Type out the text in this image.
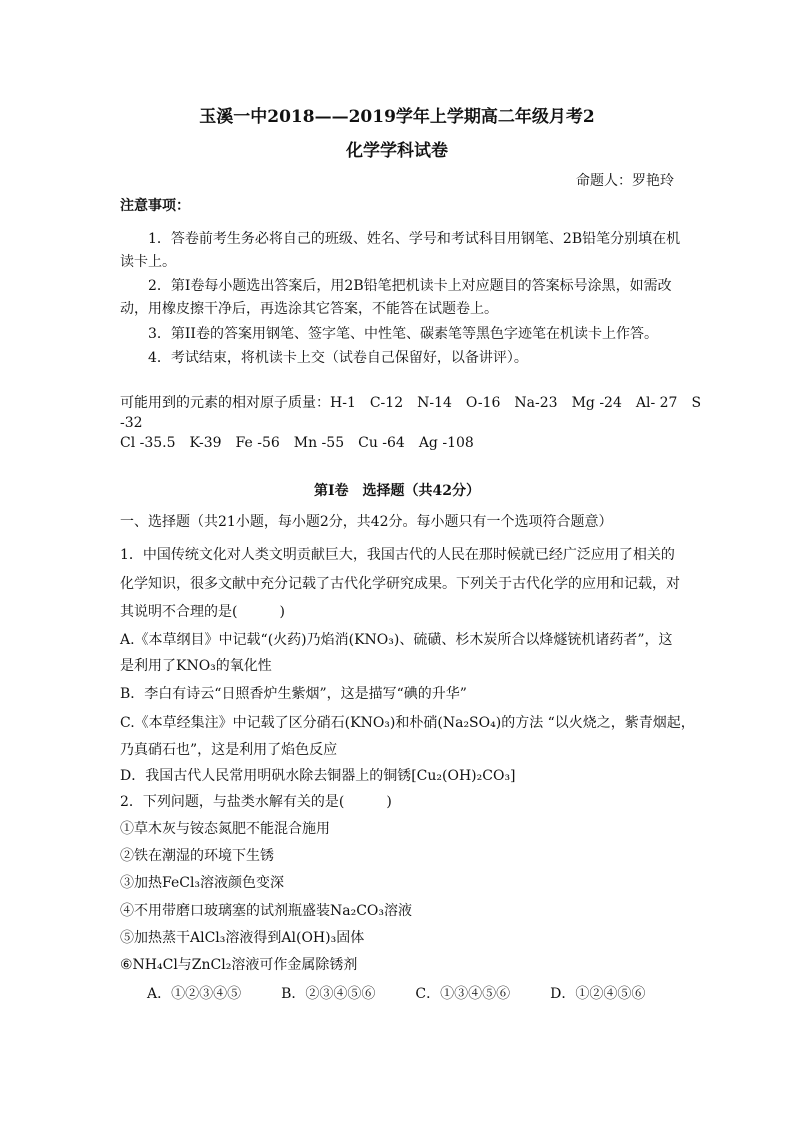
玉溪一中2018——2019学年上学期高二年级月考2
化学学科试卷
命题人：罗艳玲
注意事项：
1．答卷前考生务必将自己的班级、姓名、学号和考试科目用钢笔、2B铅笔分别填在机
读卡上。
2．第Ⅰ卷每小题选出答案后，用2B铅笔把机读卡上对应题目的答案标号涂黑，如需改
动，用橡皮擦干净后，再选涂其它答案，不能答在试题卷上。
3．第II卷的答案用钢笔、签字笔、中性笔、碳素笔等黑色字迹笔在机读卡上作答。
4．考试结束，将机读卡上交（试卷自己保留好，以备讲评）。
可能用到的元素的相对原子质量：H-1　C-12　N-14　O-16　Na-23　Mg -24　Al- 27　S
-32
Cl -35.5　K-39　Fe -56　Mn -55　Cu -64　Ag -108
第Ⅰ卷　选择题（共42分）
一、选择题（共21小题，每小题2分，共42分。每小题只有一个选项符合题意）
1．中国传统文化对人类文明贡献巨大，我国古代的人民在那时候就已经广泛应用了相关的
化学知识，很多文献中充分记载了古代化学研究成果。下列关于古代化学的应用和记载，对
其说明不合理的是(　　　)
A.《本草纲目》中记载“(火药)乃焰消(KNO₃)、硫磺、杉木炭所合以烽燧铳机诸药者”，这
是利用了KNO₃的氧化性
B．李白有诗云“日照香炉生紫烟”，这是描写“碘的升华”
C.《本草经集注》中记载了区分硝石(KNO₃)和朴硝(Na₂SO₄)的方法 “以火烧之，紫青烟起，
乃真硝石也”，这是利用了焰色反应
D．我国古代人民常用明矾水除去铜器上的铜锈[Cu₂(OH)₂CO₃]
2．下列问题，与盐类水解有关的是(　　　)
①草木灰与铵态氮肥不能混合施用
②铁在潮湿的环境下生锈
③加热FeCl₃溶液颜色变深
④不用带磨口玻璃塞的试剂瓶盛装Na₂CO₃溶液
⑤加热蒸干AlCl₃溶液得到Al(OH)₃固体
⑥NH₄Cl与ZnCl₂溶液可作金属除锈剂
A．①②③④⑤	B．②③④⑤⑥	C．①③④⑤⑥	D．①②④⑤⑥
